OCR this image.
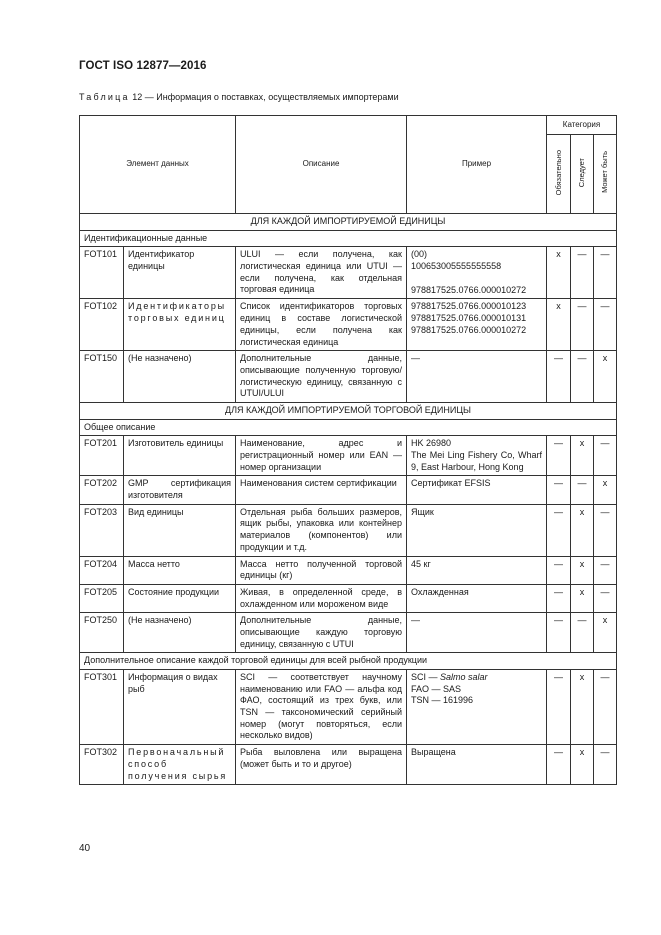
ГОСТ ISO 12877—2016
Таблица 12 — Информация о поставках, осуществляемых импортерами
Элемент данных		Описание	Пример	Категория		
				Обязательно	Следует	Может быть
ДЛЯ КАЖДОЙ ИМПОРТИРУЕМОЙ ЕДИНИЦЫ						
Идентификационные данные						
FOT101	Идентификатор единицы	ULUI — если получена, как логистическая единица или UTUI — если получена, как отдельная торговая единица	(00)
100653005555555558
978817525.0766.000010272	x	—	—
FOT102	Идентификаторы торговых единиц	Список идентификаторов торговых единиц в составе логистической единицы, если получена как логистическая единица	978817525.0766.000010123
978817525.0766.000010131
978817525.0766.000010272	x	—	—
FOT150	(Не назначено)	Дополнительные данные, описывающие полученную торговую/логистическую единицу, связанную с UTUI/ULUI	—	—	—	x
ДЛЯ КАЖДОЙ ИМПОРТИРУЕМОЙ ТОРГОВОЙ ЕДИНИЦЫ						
Общее описание						
FOT201	Изготовитель единицы	Наименование, адрес и регистрационный номер или EAN — номер организации	HK 26980
The Mei Ling Fishery Co, Wharf 9, East Harbour, Hong Kong	—	x	—
FOT202	GMP сертификация изготовителя	Наименования систем сертификации	Сертификат EFSIS	—	—	x
FOT203	Вид единицы	Отдельная рыба больших размеров, ящик рыбы, упаковка или контейнер материалов (компонентов) или продукции и т.д.	Ящик	—	x	—
FOT204	Масса нетто	Масса нетто полученной торговой единицы (кг)	45 кг	—	x	—
FOT205	Состояние продукции	Живая, в определенной среде, в охлажденном или мороженом виде	Охлажденная	—	x	—
FOT250	(Не назначено)	Дополнительные данные, описывающие каждую торговую единицу, связанную с UTUI	—	—	—	x
Дополнительное описание каждой торговой единицы для всей рыбной продукции						
FOT301	Информация о видах рыб	SCI — соответствует научному наименованию или FAO — альфа код ФАО, состоящий из трех букв, или TSN — таксономический серийный номер (могут повторяться, если несколько видов)	SCI — Salmo salar
FAO — SAS
TSN — 161996	—	x	—
FOT302	Первоначальный способ получения сырья	Рыба выловлена или выращена (может быть и то и другое)	Выращена	—	x	—
40
